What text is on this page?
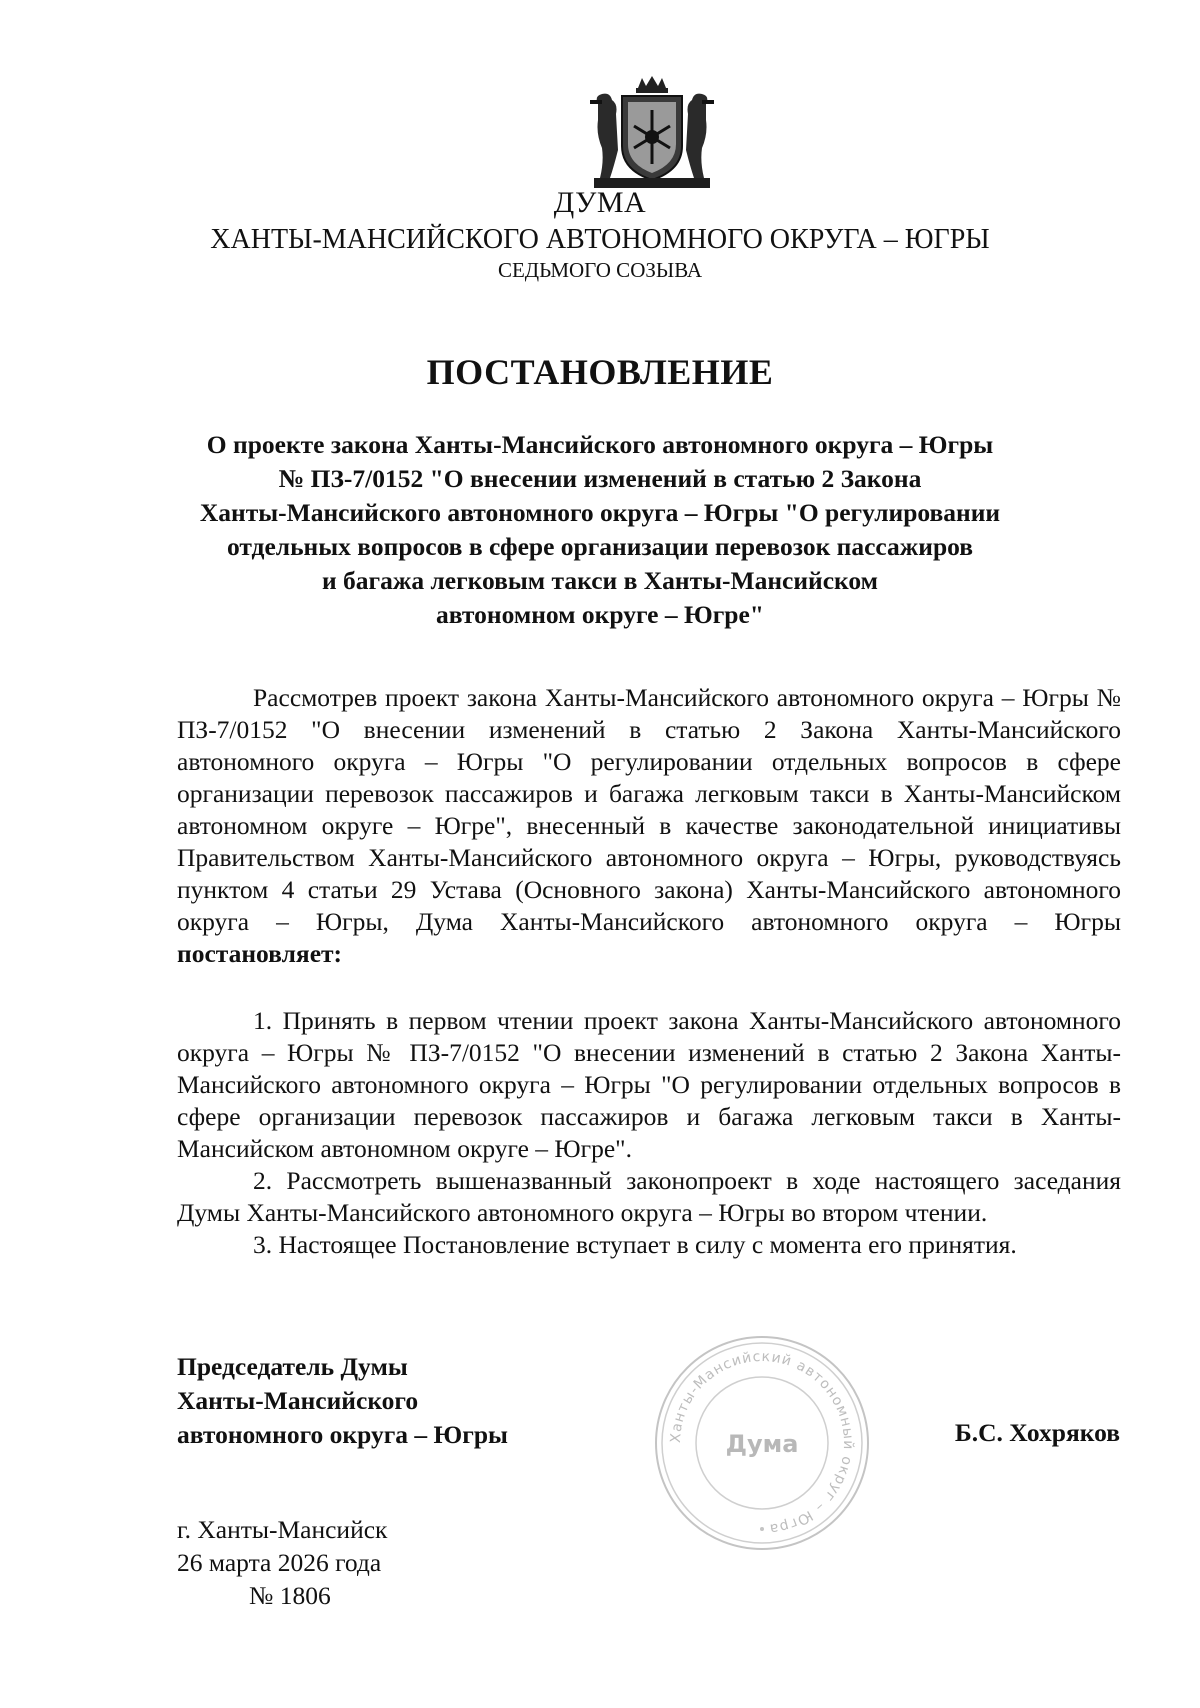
ДУМА
ХАНТЫ-МАНСИЙСКОГО АВТОНОМНОГО ОКРУГА – ЮГРЫ
СЕДЬМОГО СОЗЫВА
ПОСТАНОВЛЕНИЕ
О проекте закона Ханты-Мансийского автономного округа – Югры
№ ПЗ-7/0152 "О внесении изменений в статью 2 Закона
Ханты-Мансийского автономного округа – Югры "О регулировании
отдельных вопросов в сфере организации перевозок пассажиров
и багажа легковым такси в Ханты-Мансийском
автономном округе – Югре"

Рассмотрев проект закона Ханты-Мансийского автономного округа – Югры № ПЗ-7/0152 "О внесении изменений в статью 2 Закона Ханты-Мансийского автономного округа – Югры "О регулировании отдельных вопросов в сфере организации перевозок пассажиров и багажа легковым такси в Ханты-Мансийском автономном округе – Югре", внесенный в качестве законодательной инициативы Правительством Ханты-Мансийского автономного округа – Югры, руководствуясь пунктом 4 статьи 29 Устава (Основного закона) Ханты-Мансийского автономного округа – Югры, Дума Ханты-Мансийского автономного округа – Югры постановляет:

1. Принять в первом чтении проект закона Ханты-Мансийского автономного округа – Югры № ПЗ-7/0152 "О внесении изменений в статью 2 Закона Ханты-Мансийского автономного округа – Югры "О регулировании отдельных вопросов в сфере организации перевозок пассажиров и багажа легковым такси в Ханты-Мансийском автономном округе – Югре".

2. Рассмотреть вышеназванный законопроект в ходе настоящего заседания Думы Ханты-Мансийского автономного округа – Югры во втором чтении.

3. Настоящее Постановление вступает в силу с момента его принятия.

Председатель Думы
Ханты-Мансийского
автономного округа – Югры	Ханты-Мансийский автономный округ – Югра
Дума	Б.С. Хохряков
г. Ханты-Мансийск
26 марта 2026 года
№ 1806
